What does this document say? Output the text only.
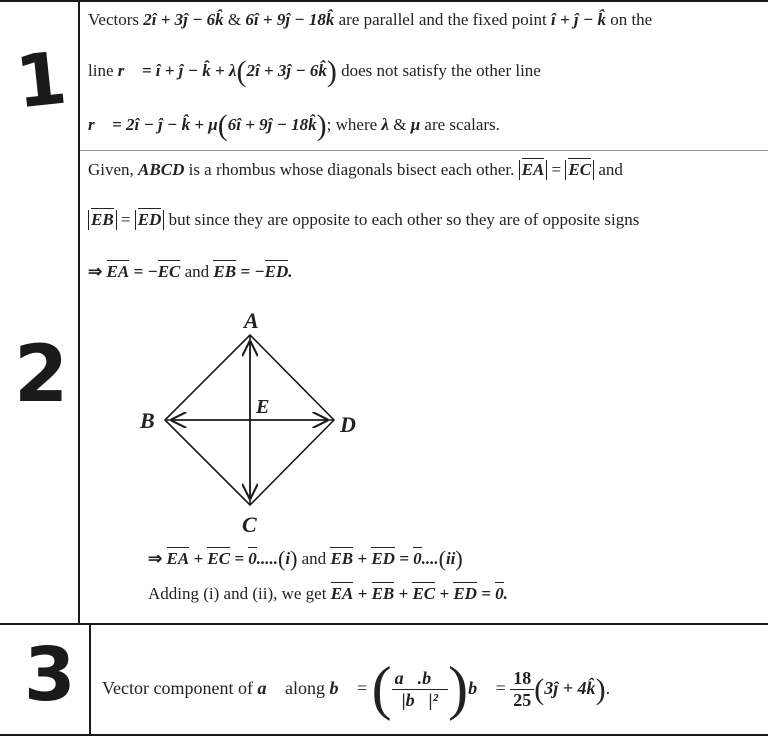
1
2
3
Vectors 2î + 3ĵ − 6k̂ & 6î + 9ĵ − 18k̂ are parallel and the fixed point î + ĵ − k̂ on the
line r⃗ = î + ĵ − k̂ + λ(2î + 3ĵ − 6k̂) does not satisfy the other line
r⃗ = 2î − ĵ − k̂ + μ(6î + 9ĵ − 18k̂); where λ & μ are scalars.
Given, ABCD is a rhombus whose diagonals bisect each other. EA = EC and
EB = ED but since they are opposite to each other so they are of opposite signs
⇒ EA = −EC and EB = −ED.
A
B
C
D
E
⇒ EA + EC = 0.....(i) and EB + ED = 0....(ii)
Adding (i) and (ii), we get EA + EB + EC + ED = 0.
Vector component of a⃗ along b⃗ = ( $\frac{a⃗.b⃗}{\text{|b⃗|²}}$ )b⃗ = $\frac{18}{25}$ (3ĵ + 4k̂).
